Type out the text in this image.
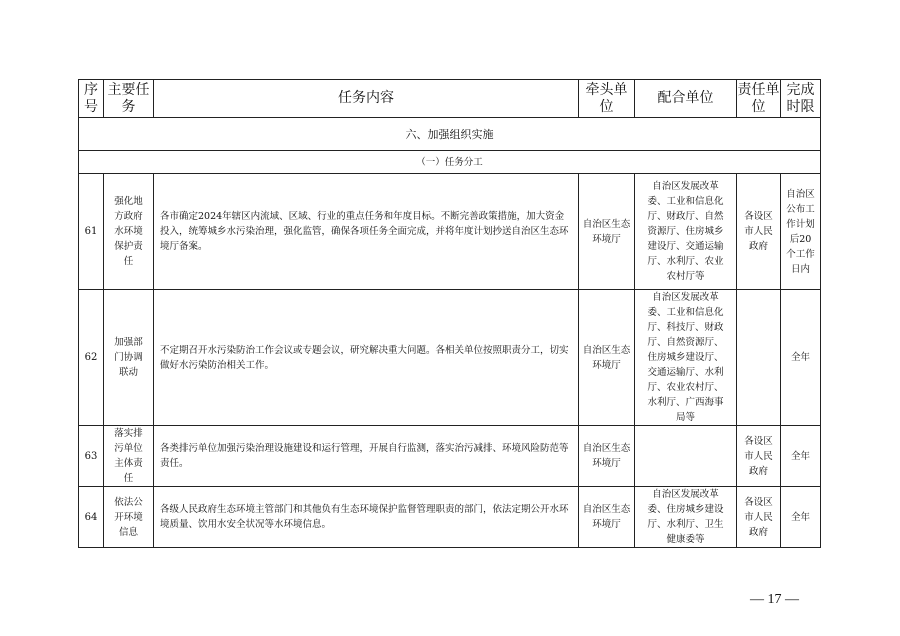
序号	主要任务	任务内容	牵头单位	配合单位	责任单位	完成时限
六、加强组织实施						
（一）任务分工						
61	强化地方政府水环境保护责任	各市确定2024年辖区内流域、区域、行业的重点任务和年度目标。不断完善政策措施，加大资金投入，统筹城乡水污染治理，强化监管，确保各项任务全面完成，并将年度计划抄送自治区生态环境厅备案。	自治区生态环境厅	自治区发展改革委、工业和信息化厅、财政厅、自然资源厅、住房城乡建设厅、交通运输厅、水利厅、农业农村厅等	各设区市人民政府	自治区公布工作计划后20个工作日内
62	加强部门协调联动	不定期召开水污染防治工作会议或专题会议，研究解决重大问题。各相关单位按照职责分工，切实做好水污染防治相关工作。	自治区生态环境厅	自治区发展改革委、工业和信息化厅、科技厅、财政厅、自然资源厅、住房城乡建设厅、交通运输厅、水利厅、农业农村厅、水利厅、广西海事局等		全年
63	落实排污单位主体责任	各类排污单位加强污染治理设施建设和运行管理，开展自行监测，落实治污减排、环境风险防范等责任。	自治区生态环境厅		各设区市人民政府	全年
64	依法公开环境信息	各级人民政府生态环境主管部门和其他负有生态环境保护监督管理职责的部门，依法定期公开水环境质量、饮用水安全状况等水环境信息。	自治区生态环境厅	自治区发展改革委、住房城乡建设厅、水利厅、卫生健康委等	各设区市人民政府	全年
— 17 —
